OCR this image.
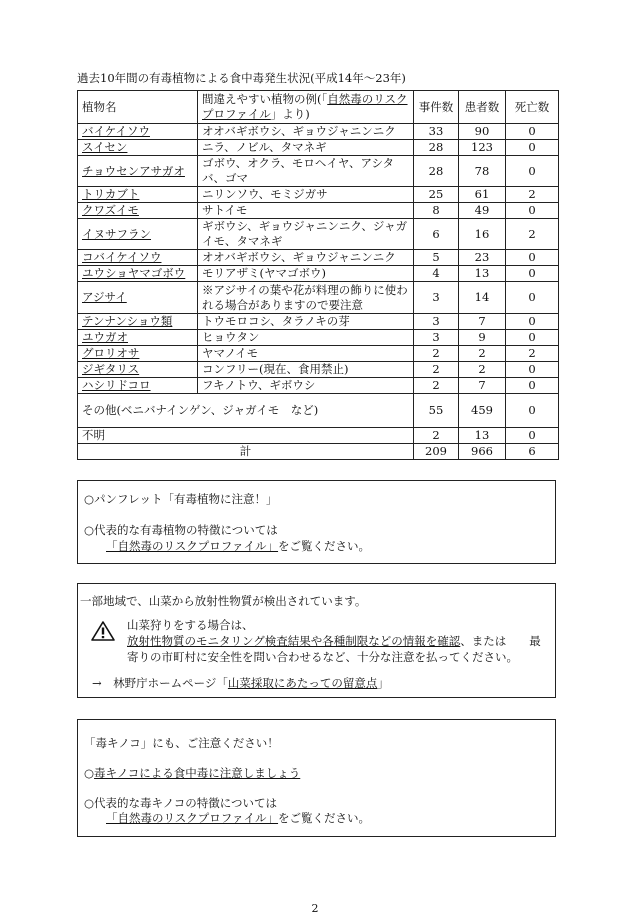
過去10年間の有毒植物による食中毒発生状況(平成14年～23年)
植物名	間違えやすい植物の例(「自然毒のリスクプロファイル」より)	事件数	患者数	死亡数
バイケイソウ	オオバギボウシ、ギョウジャニンニク	33	90	0
スイセン	ニラ、ノビル、タマネギ	28	123	0
チョウセンアサガオ	ゴボウ、オクラ、モロヘイヤ、アシタバ、ゴマ	28	78	0
トリカブト	ニリンソウ、モミジガサ	25	61	2
クワズイモ	サトイモ	8	49	0
イヌサフラン	ギボウシ、ギョウジャニンニク、ジャガイモ、タマネギ	6	16	2
コバイケイソウ	オオバギボウシ、ギョウジャニンニク	5	23	0
ユウショヤマゴボウ	モリアザミ(ヤマゴボウ)	4	13	0
アジサイ	※アジサイの葉や花が料理の飾りに使われる場合がありますので要注意	3	14	0
テンナンショウ類	トウモロコシ、タラノキの芽	3	7	0
ユウガオ	ヒョウタン	3	9	0
グロリオサ	ヤマノイモ	2	2	2
ジギタリス	コンフリー(現在、食用禁止)	2	2	0
ハシリドコロ	フキノトウ、ギボウシ	2	7	0
その他(ベニバナインゲン、ジャガイモ　など)		55	459	0
不明		2	13	0
計		209	966	6

○パンフレット「有毒植物に注意！」

○代表的な有毒植物の特徴については

「自然毒のリスクプロファイル」をご覧ください。

一部地域で、山菜から放射性物質が検出されています。

山菜狩りをする場合は、

放射性物質のモニタリング検査結果や各種制限などの情報を確認、または　　最

寄りの市町村に安全性を問い合わせるなど、十分な注意を払ってください。

→　林野庁ホームページ「山菜採取にあたっての留意点」

「毒キノコ」にも、ご注意ください！

○毒キノコによる食中毒に注意しましょう

○代表的な毒キノコの特徴については

「自然毒のリスクプロファイル」をご覧ください。

2
